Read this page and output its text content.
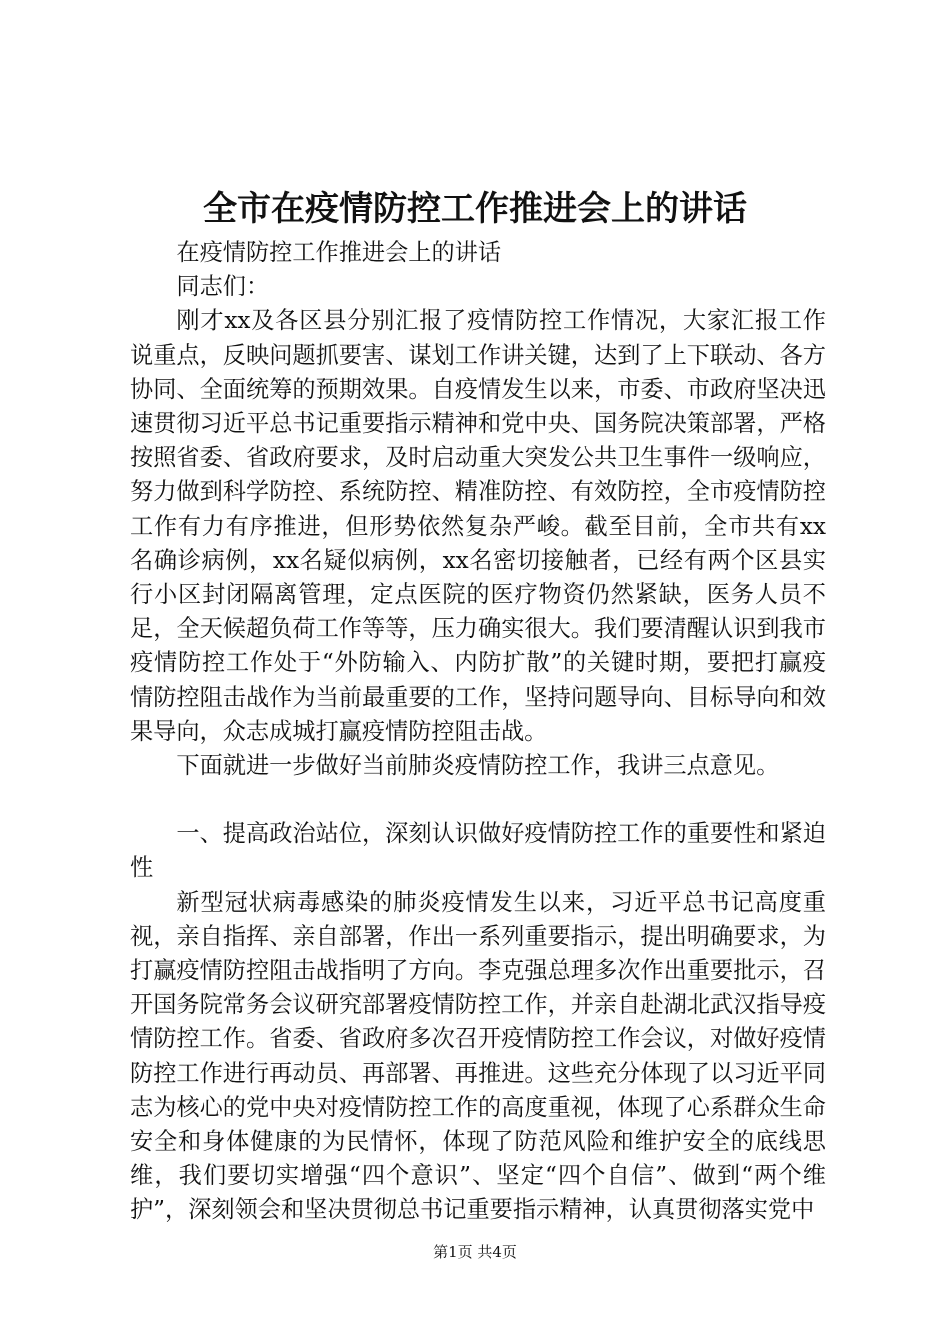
全市在疫情防控工作推进会上的讲话

在疫情防控工作推进会上的讲话

同志们：

刚才xx及各区县分别汇报了疫情防控工作情况，大家汇报工作说重点，反映问题抓要害、谋划工作讲关键，达到了上下联动、各方协同、全面统筹的预期效果。自疫情发生以来，市委、市政府坚决迅速贯彻习近平总书记重要指示精神和党中央、国务院决策部署，严格按照省委、省政府要求，及时启动重大突发公共卫生事件一级响应，努力做到科学防控、系统防控、精准防控、有效防控，全市疫情防控工作有力有序推进，但形势依然复杂严峻。截至目前，全市共有xx名确诊病例，xx名疑似病例，xx名密切接触者，已经有两个区县实行小区封闭隔离管理，定点医院的医疗物资仍然紧缺，医务人员不足，全天候超负荷工作等等，压力确实很大。我们要清醒认识到我市疫情防控工作处于“外防输入、内防扩散”的关键时期，要把打赢疫情防控阻击战作为当前最重要的工作，坚持问题导向、目标导向和效果导向，众志成城打赢疫情防控阻击战。

下面就进一步做好当前肺炎疫情防控工作，我讲三点意见。

一、提高政治站位，深刻认识做好疫情防控工作的重要性和紧迫性

新型冠状病毒感染的肺炎疫情发生以来，习近平总书记高度重视，亲自指挥、亲自部署，作出一系列重要指示，提出明确要求，为打赢疫情防控阻击战指明了方向。李克强总理多次作出重要批示，召开国务院常务会议研究部署疫情防控工作，并亲自赴湖北武汉指导疫情防控工作。省委、省政府多次召开疫情防控工作会议，对做好疫情防控工作进行再动员、再部署、再推进。这些充分体现了以习近平同志为核心的党中央对疫情防控工作的高度重视，体现了心系群众生命安全和身体健康的为民情怀，体现了防范风险和维护安全的底线思维，我们要切实增强“四个意识”、坚定“四个自信”、做到“两个维护”，深刻领会和坚决贯彻总书记重要指示精神，认真贯彻落实党中

第1页 共4页
